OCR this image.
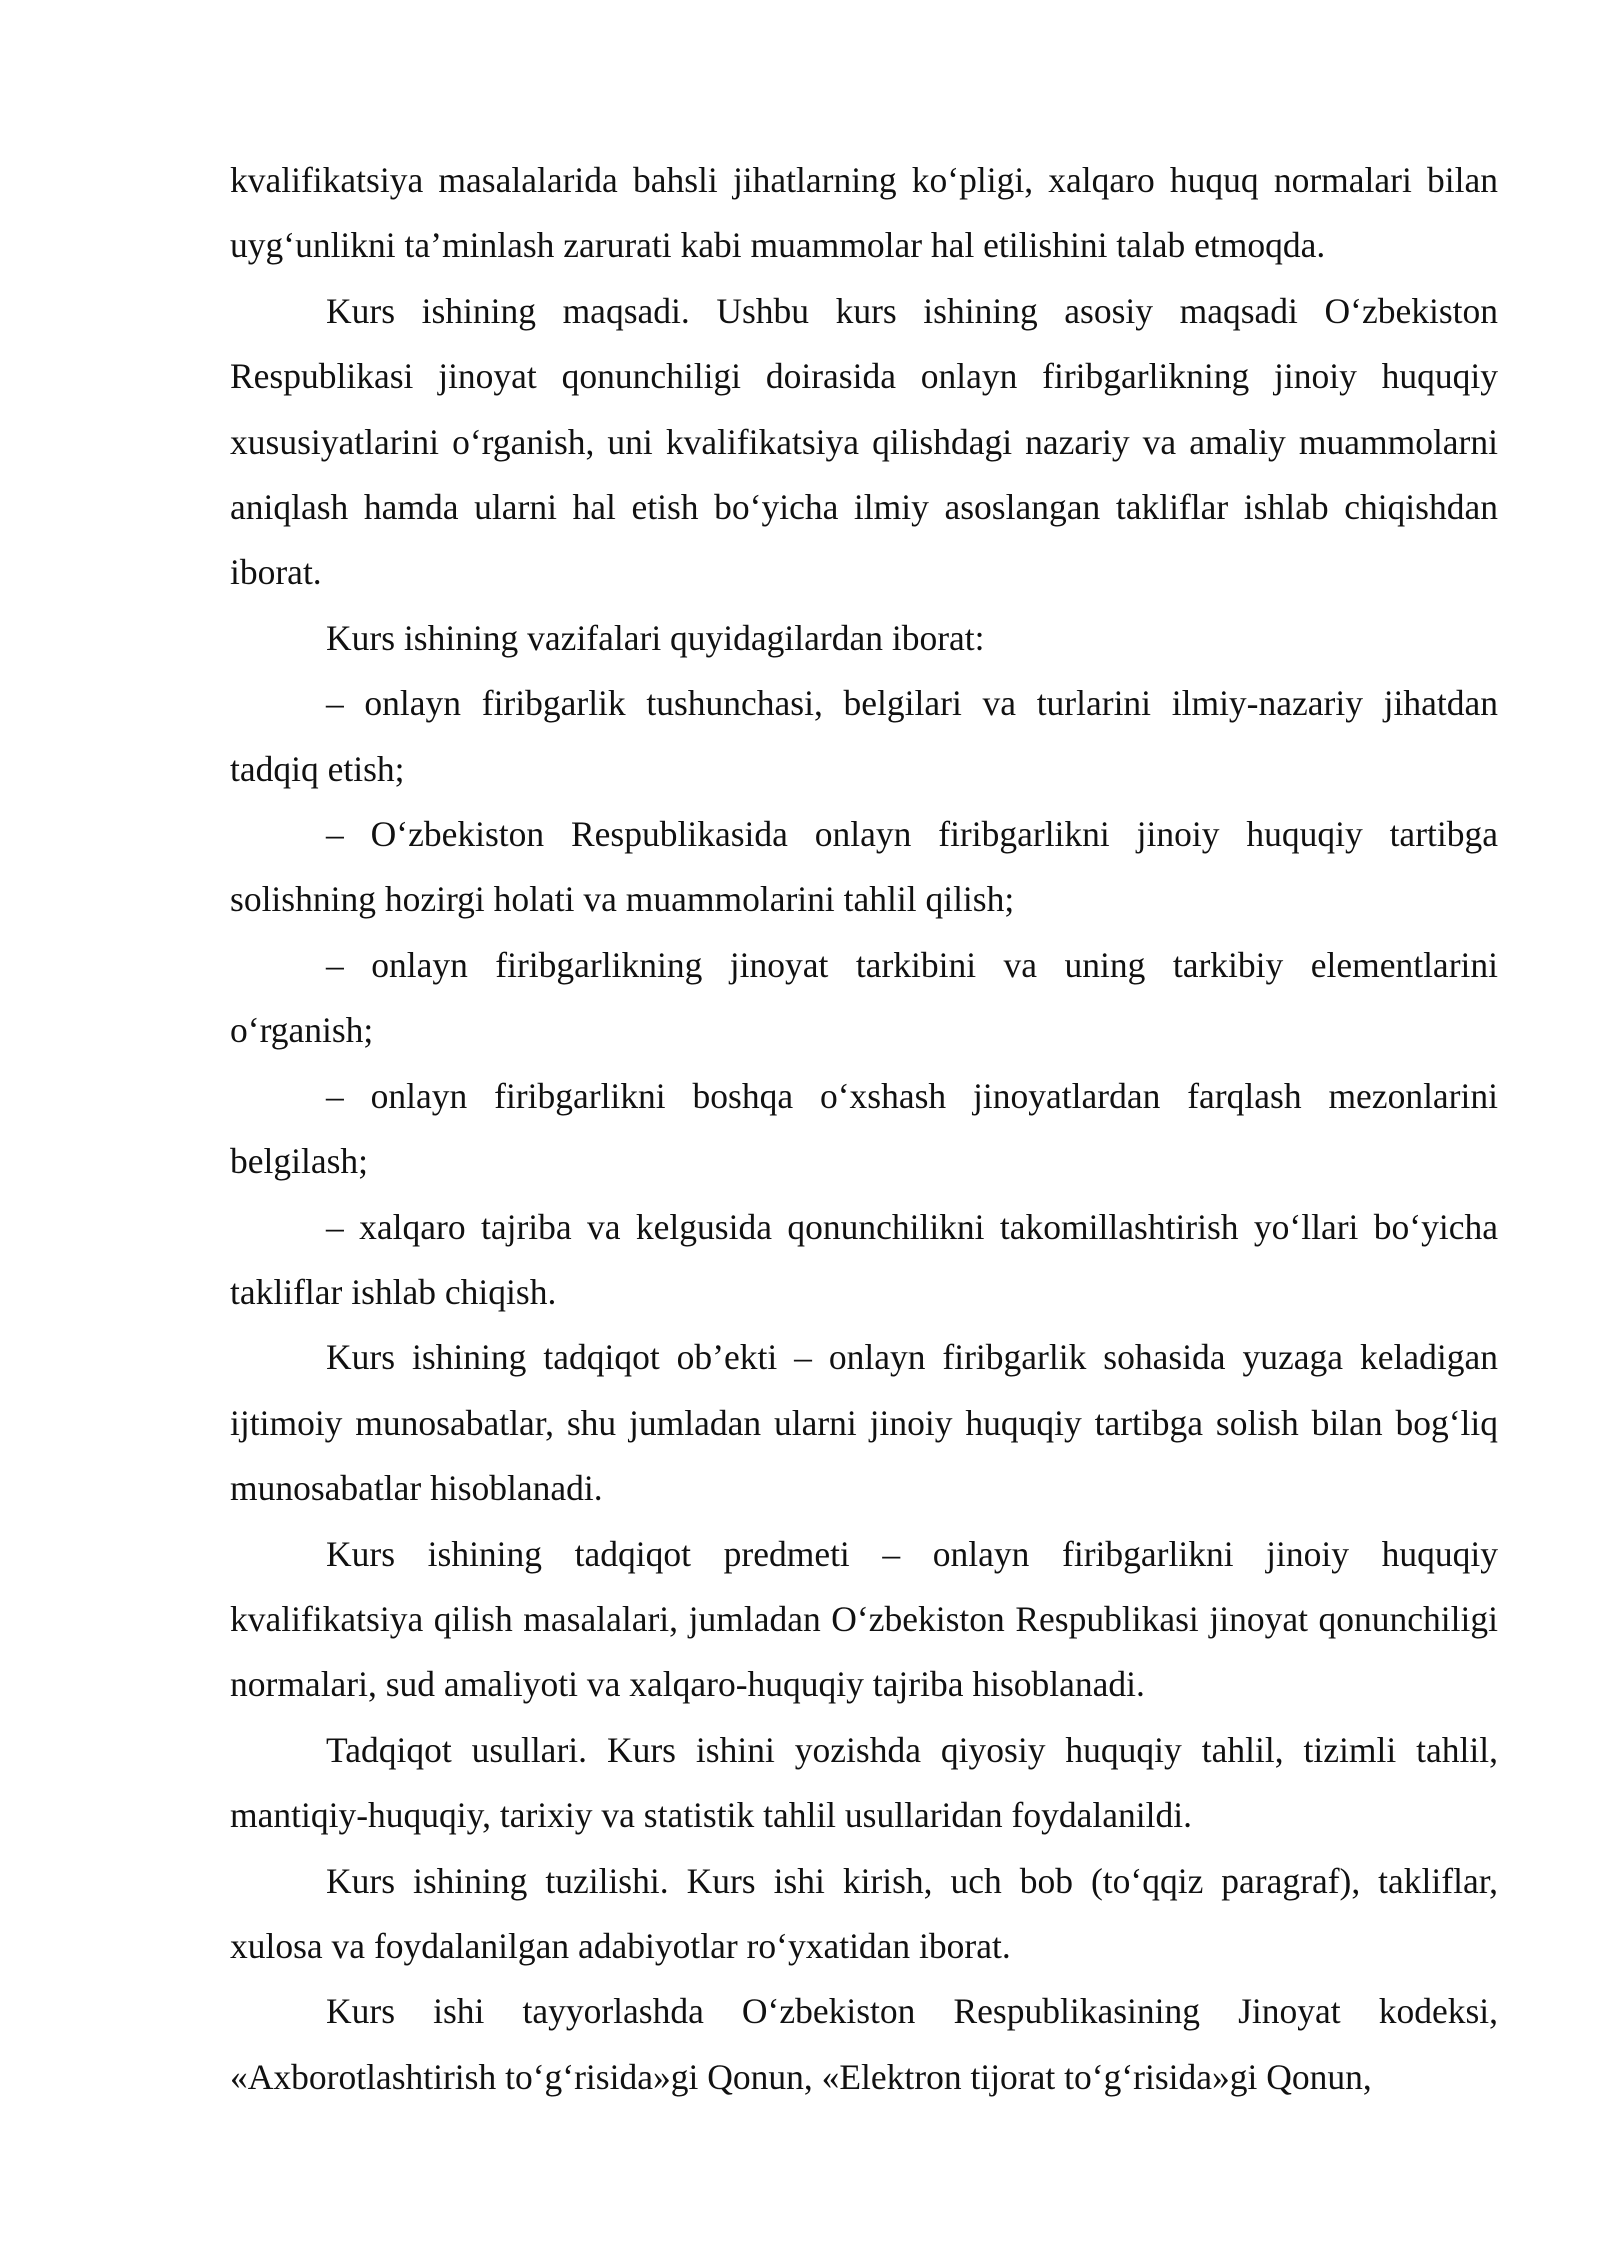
kvalifikatsiya masalalarida bahsli jihatlarning ko‘pligi, xalqaro huquq normalari bilan uyg‘unlikni ta’minlash zarurati kabi muammolar hal etilishini talab etmoqda.

Kurs ishining maqsadi. Ushbu kurs ishining asosiy maqsadi O‘zbekiston Respublikasi jinoyat qonunchiligi doirasida onlayn firibgarlikning jinoiy huquqiy xususiyatlarini o‘rganish, uni kvalifikatsiya qilishdagi nazariy va amaliy muammolarni aniqlash hamda ularni hal etish bo‘yicha ilmiy asoslangan takliflar ishlab chiqishdan iborat.

Kurs ishining vazifalari quyidagilardan iborat:

– onlayn firibgarlik tushunchasi, belgilari va turlarini ilmiy-nazariy jihatdan tadqiq etish;

– O‘zbekiston Respublikasida onlayn firibgarlikni jinoiy huquqiy tartibga solishning hozirgi holati va muammolarini tahlil qilish;

– onlayn firibgarlikning jinoyat tarkibini va uning tarkibiy elementlarini o‘rganish;

– onlayn firibgarlikni boshqa o‘xshash jinoyatlardan farqlash mezonlarini belgilash;

– xalqaro tajriba va kelgusida qonunchilikni takomillashtirish yo‘llari bo‘yicha takliflar ishlab chiqish.

Kurs ishining tadqiqot ob’ekti – onlayn firibgarlik sohasida yuzaga keladigan ijtimoiy munosabatlar, shu jumladan ularni jinoiy huquqiy tartibga solish bilan bog‘liq munosabatlar hisoblanadi.

Kurs ishining tadqiqot predmeti – onlayn firibgarlikni jinoiy huquqiy kvalifikatsiya qilish masalalari, jumladan O‘zbekiston Respublikasi jinoyat qonunchiligi normalari, sud amaliyoti va xalqaro-huquqiy tajriba hisoblanadi.

Tadqiqot usullari. Kurs ishini yozishda qiyosiy huquqiy tahlil, tizimli tahlil, mantiqiy-huquqiy, tarixiy va statistik tahlil usullaridan foydalanildi.

Kurs ishining tuzilishi. Kurs ishi kirish, uch bob (to‘qqiz paragraf), takliflar, xulosa va foydalanilgan adabiyotlar ro‘yxatidan iborat.

Kurs ishi tayyorlashda O‘zbekiston Respublikasining Jinoyat kodeksi, «Axborotlashtirish to‘g‘risida»gi Qonun, «Elektron tijorat to‘g‘risida»gi Qonun,
